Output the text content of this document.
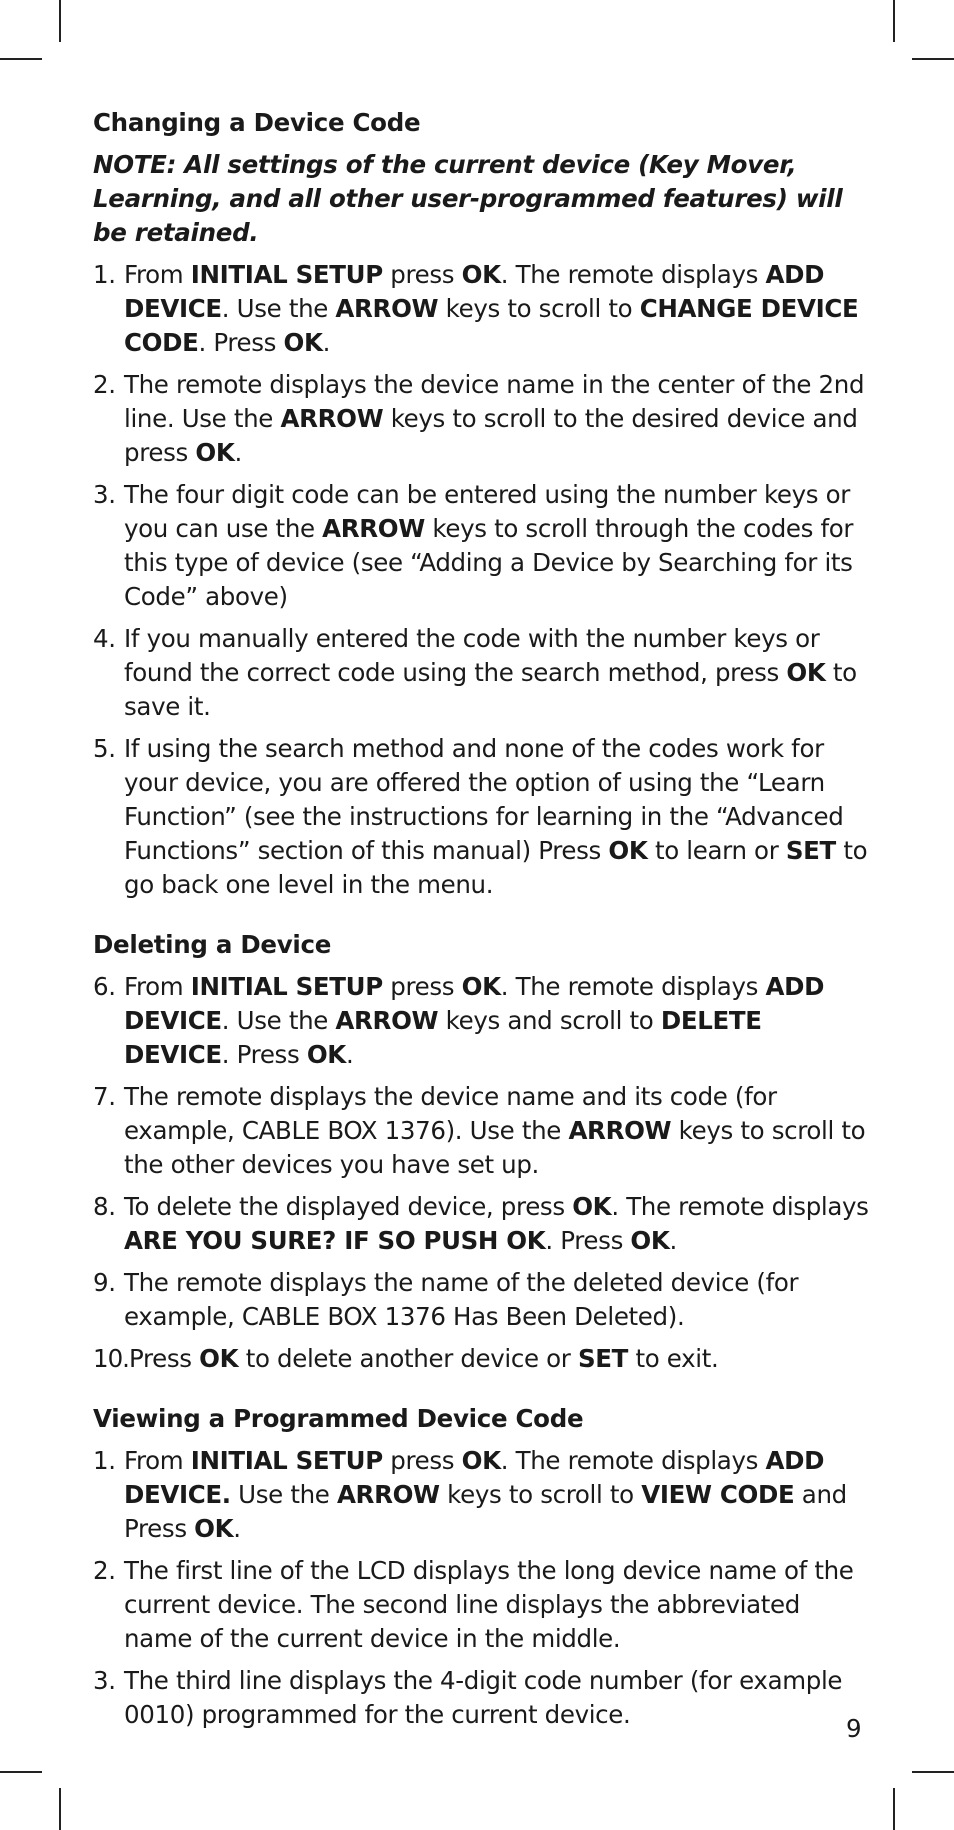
Changing a Device Code
NOTE: All settings of the current device (Key Mover, Learning, and all other user-programmed features) will be retained.
1. From INITIAL SETUP press OK. The remote displays ADD DEVICE. Use the ARROW keys to scroll to CHANGE DEVICE CODE. Press OK.
2. The remote displays the device name in the center of the 2nd line. Use the ARROW keys to scroll to the desired device and press OK.
3. The four digit code can be entered using the number keys or you can use the ARROW keys to scroll through the codes for this type of device (see “Adding a Device by Searching for its Code” above)
4. If you manually entered the code with the number keys or found the correct code using the search method, press OK to save it.
5. If using the search method and none of the codes work for your device, you are offered the option of using the “Learn Function” (see the instructions for learning in the “Advanced Functions” section of this manual) Press OK to learn or SET to go back one level in the menu.
Deleting a Device
6. From INITIAL SETUP press OK. The remote displays ADD DEVICE. Use the ARROW keys and scroll to DELETE DEVICE. Press OK.
7. The remote displays the device name and its code (for example, CABLE BOX 1376). Use the ARROW keys to scroll to the other devices you have set up.
8. To delete the displayed device, press OK. The remote displays ARE YOU SURE? IF SO PUSH OK. Press OK.
9. The remote displays the name of the deleted device (for example, CABLE BOX 1376 Has Been Deleted).
10.Press OK to delete another device or SET to exit.
Viewing a Programmed Device Code
1. From INITIAL SETUP press OK. The remote displays ADD DEVICE. Use the ARROW keys to scroll to VIEW CODE and Press OK.
2. The first line of the LCD displays the long device name of the current device. The second line displays the abbreviated name of the current device in the middle.
3. The third line displays the 4-digit code number (for example 0010) programmed for the current device.	9
